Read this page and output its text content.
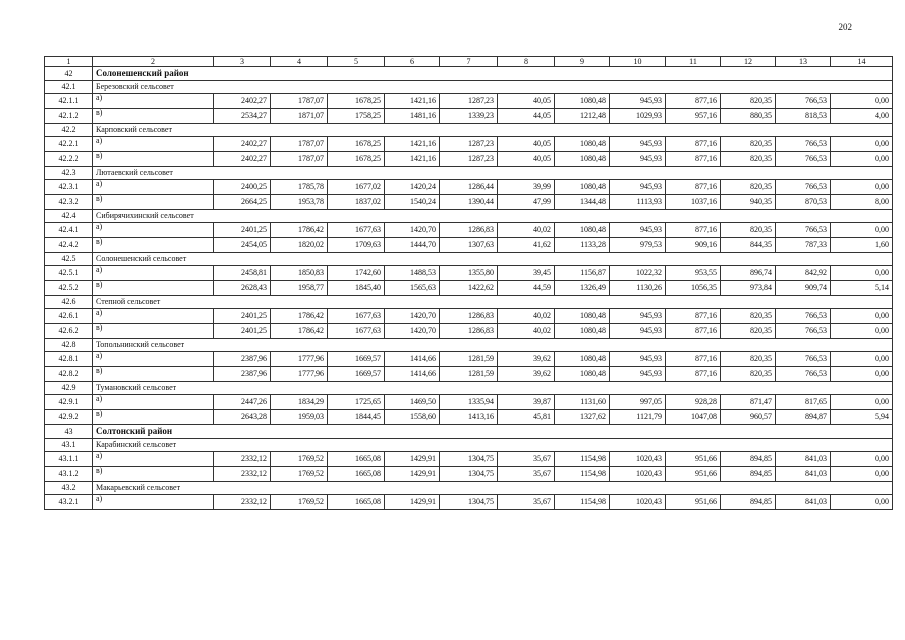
202
1	2	3	4	5	6	7	8	9	10	11	12	13	14
42	Солонешенский район												
42.1	Березовский сельсовет												
42.1.1	а)	2402,27	1787,07	1678,25	1421,16	1287,23	40,05	1080,48	945,93	877,16	820,35	766,53	0,00
42.1.2	в)	2534,27	1871,07	1758,25	1481,16	1339,23	44,05	1212,48	1029,93	957,16	880,35	818,53	4,00
42.2	Карповский сельсовет												
42.2.1	а)	2402,27	1787,07	1678,25	1421,16	1287,23	40,05	1080,48	945,93	877,16	820,35	766,53	0,00
42.2.2	в)	2402,27	1787,07	1678,25	1421,16	1287,23	40,05	1080,48	945,93	877,16	820,35	766,53	0,00
42.3	Лютаевский сельсовет												
42.3.1	а)	2400,25	1785,78	1677,02	1420,24	1286,44	39,99	1080,48	945,93	877,16	820,35	766,53	0,00
42.3.2	в)	2664,25	1953,78	1837,02	1540,24	1390,44	47,99	1344,48	1113,93	1037,16	940,35	870,53	8,00
42.4	Сибирячихинский сельсовет												
42.4.1	а)	2401,25	1786,42	1677,63	1420,70	1286,83	40,02	1080,48	945,93	877,16	820,35	766,53	0,00
42.4.2	в)	2454,05	1820,02	1709,63	1444,70	1307,63	41,62	1133,28	979,53	909,16	844,35	787,33	1,60
42.5	Солонешенский сельсовет												
42.5.1	а)	2458,81	1850,83	1742,60	1488,53	1355,80	39,45	1156,87	1022,32	953,55	896,74	842,92	0,00
42.5.2	в)	2628,43	1958,77	1845,40	1565,63	1422,62	44,59	1326,49	1130,26	1056,35	973,84	909,74	5,14
42.6	Степной сельсовет												
42.6.1	а)	2401,25	1786,42	1677,63	1420,70	1286,83	40,02	1080,48	945,93	877,16	820,35	766,53	0,00
42.6.2	в)	2401,25	1786,42	1677,63	1420,70	1286,83	40,02	1080,48	945,93	877,16	820,35	766,53	0,00
42.8	Топольнинский сельсовет												
42.8.1	а)	2387,96	1777,96	1669,57	1414,66	1281,59	39,62	1080,48	945,93	877,16	820,35	766,53	0,00
42.8.2	в)	2387,96	1777,96	1669,57	1414,66	1281,59	39,62	1080,48	945,93	877,16	820,35	766,53	0,00
42.9	Тумановский сельсовет												
42.9.1	а)	2447,26	1834,29	1725,65	1469,50	1335,94	39,87	1131,60	997,05	928,28	871,47	817,65	0,00
42.9.2	в)	2643,28	1959,03	1844,45	1558,60	1413,16	45,81	1327,62	1121,79	1047,08	960,57	894,87	5,94
43	Солтонский район												
43.1	Карабинский сельсовет												
43.1.1	а)	2332,12	1769,52	1665,08	1429,91	1304,75	35,67	1154,98	1020,43	951,66	894,85	841,03	0,00
43.1.2	в)	2332,12	1769,52	1665,08	1429,91	1304,75	35,67	1154,98	1020,43	951,66	894,85	841,03	0,00
43.2	Макарьевский сельсовет												
43.2.1	а)	2332,12	1769,52	1665,08	1429,91	1304,75	35,67	1154,98	1020,43	951,66	894,85	841,03	0,00
